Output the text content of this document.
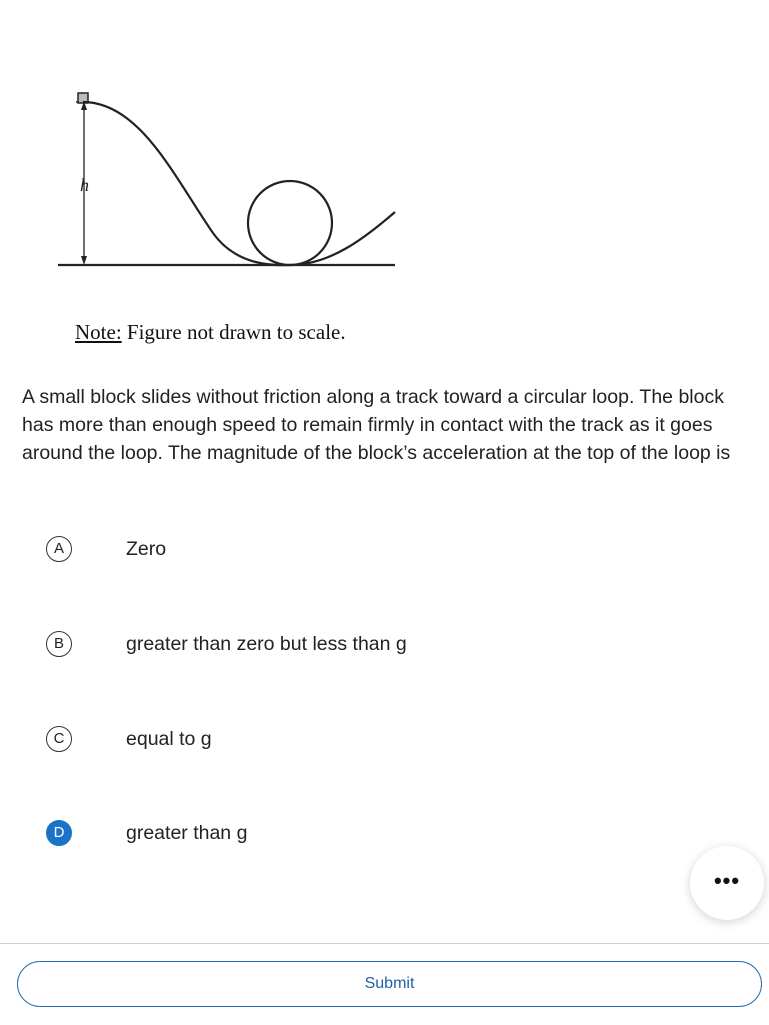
h
Note: Figure not drawn to scale.
A small block slides without friction along a track toward a circular loop. The block has more than enough speed to remain firmly in contact with the track as it goes around the loop. The magnitude of the block’s acceleration at the top of the loop is
A	Zero
B	greater than zero but less than g
C	equal to g
D	greater than g
•••
Submit
